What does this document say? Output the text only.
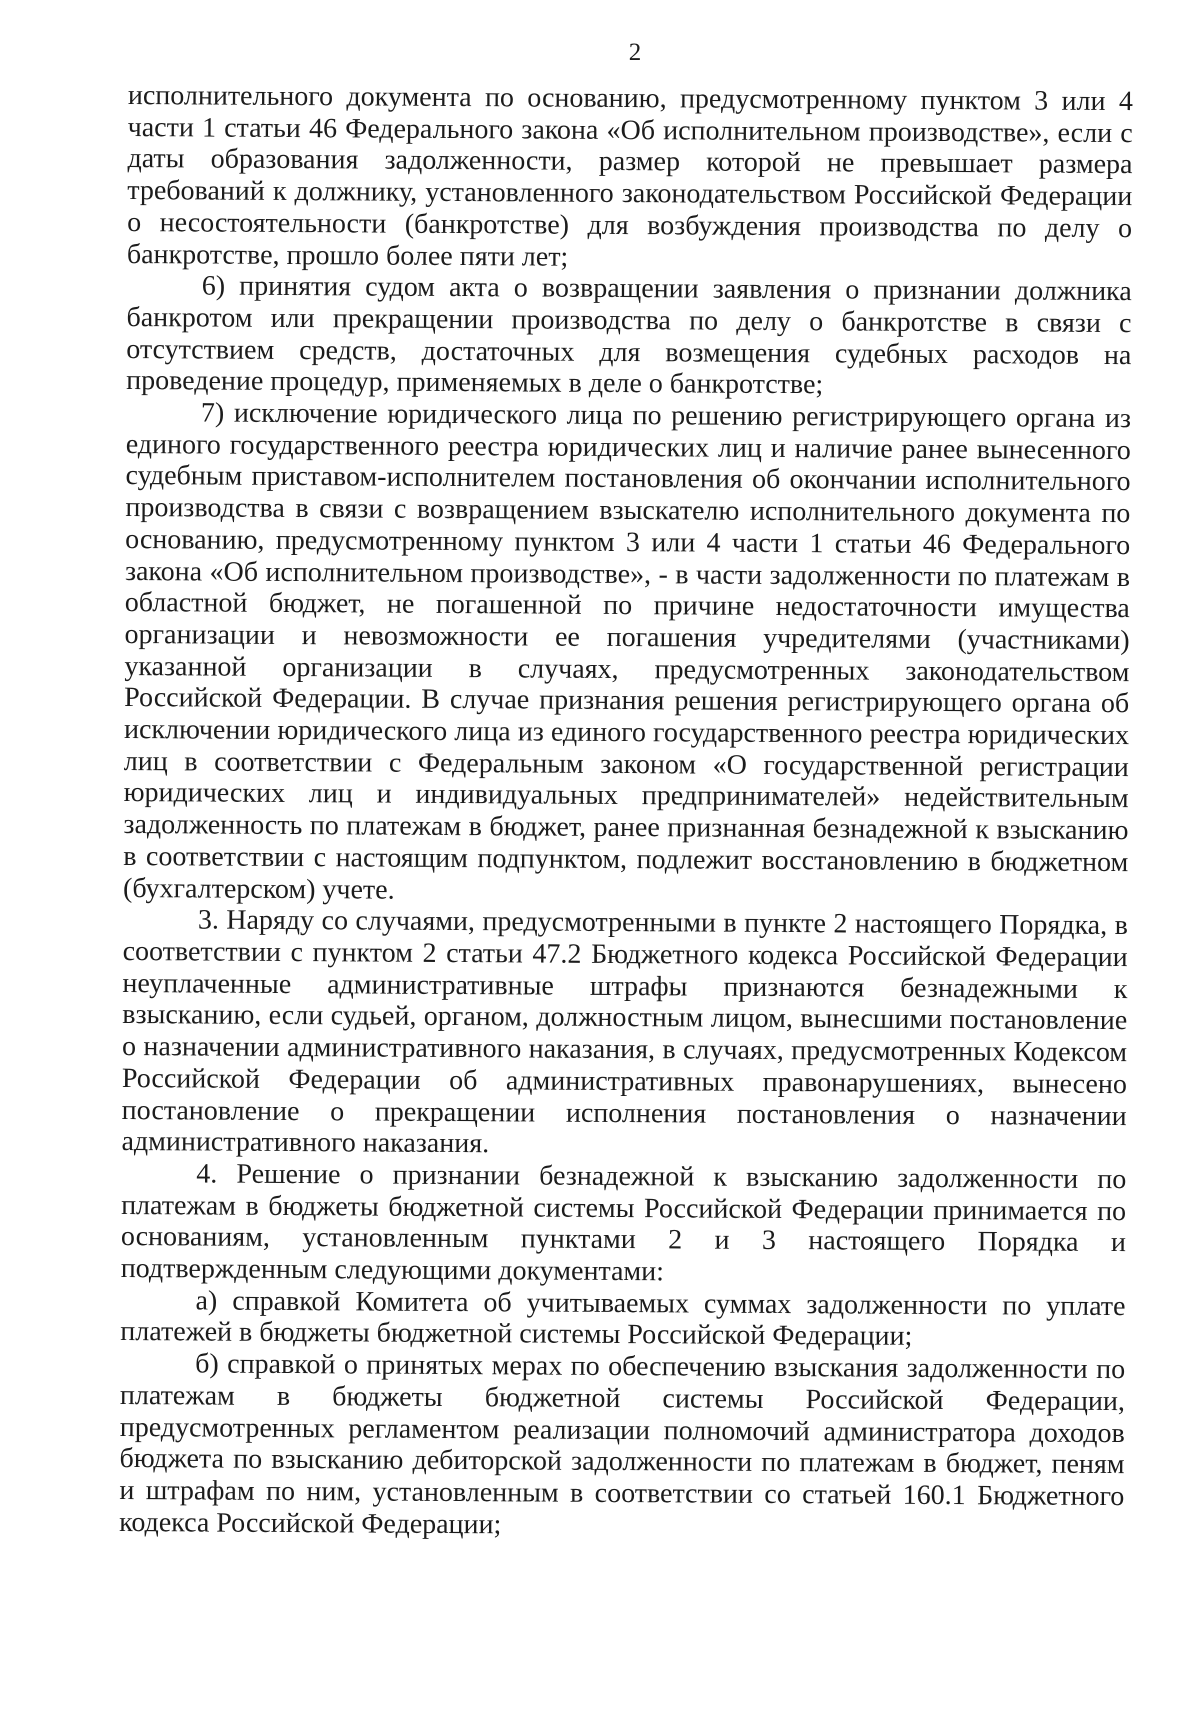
2

исполнительного документа по основанию, предусмотренному пунктом 3 или 4 части 1 статьи 46 Федерального закона «Об исполнительном производстве», если с даты образования задолженности, размер которой не превышает размера требований к должнику, установленного законодательством Российской Федерации о несостоятельности (банкротстве) для возбуждения производства по делу о банкротстве, прошло более пяти лет;

6) принятия судом акта о возвращении заявления о признании должника банкротом или прекращении производства по делу о банкротстве в связи с отсутствием средств, достаточных для возмещения судебных расходов на проведение процедур, применяемых в деле о банкротстве;

7) исключение юридического лица по решению регистрирующего органа из единого государственного реестра юридических лиц и наличие ранее вынесенного судебным приставом-исполнителем постановления об окончании исполнительного производства в связи с возвращением взыскателю исполнительного документа по основанию, предусмотренному пунктом 3 или 4 части 1 статьи 46 Федерального закона «Об исполнительном производстве», - в части задолженности по платежам в областной бюджет, не погашенной по причине недостаточности имущества организации и невозможности ее погашения учредителями (участниками) указанной организации в случаях, предусмотренных законодательством Российской Федерации. В случае признания решения регистрирующего органа об исключении юридического лица из единого государственного реестра юридических лиц в соответствии с Федеральным законом «О государственной регистрации юридических лиц и индивидуальных предпринимателей» недействительным задолженность по платежам в бюджет, ранее признанная безнадежной к взысканию в соответствии с настоящим подпунктом, подлежит восстановлению в бюджетном (бухгалтерском) учете.

3. Наряду со случаями, предусмотренными в пункте 2 настоящего Порядка, в соответствии с пунктом 2 статьи 47.2 Бюджетного кодекса Российской Федерации неуплаченные административные штрафы признаются безнадежными к взысканию, если судьей, органом, должностным лицом, вынесшими постановление о назначении административного наказания, в случаях, предусмотренных Кодексом Российской Федерации об административных правонарушениях, вынесено постановление о прекращении исполнения постановления о назначении административного наказания.

4. Решение о признании безнадежной к взысканию задолженности по платежам в бюджеты бюджетной системы Российской Федерации принимается по основаниям, установленным пунктами 2 и 3 настоящего Порядка и подтвержденным следующими документами:

а) справкой Комитета об учитываемых суммах задолженности по уплате платежей в бюджеты бюджетной системы Российской Федерации;

б) справкой о принятых мерах по обеспечению взыскания задолженности по платежам в бюджеты бюджетной системы Российской Федерации, предусмотренных регламентом реализации полномочий администратора доходов бюджета по взысканию дебиторской задолженности по платежам в бюджет, пеням и штрафам по ним, установленным в соответствии со статьей 160.1 Бюджетного кодекса Российской Федерации;
